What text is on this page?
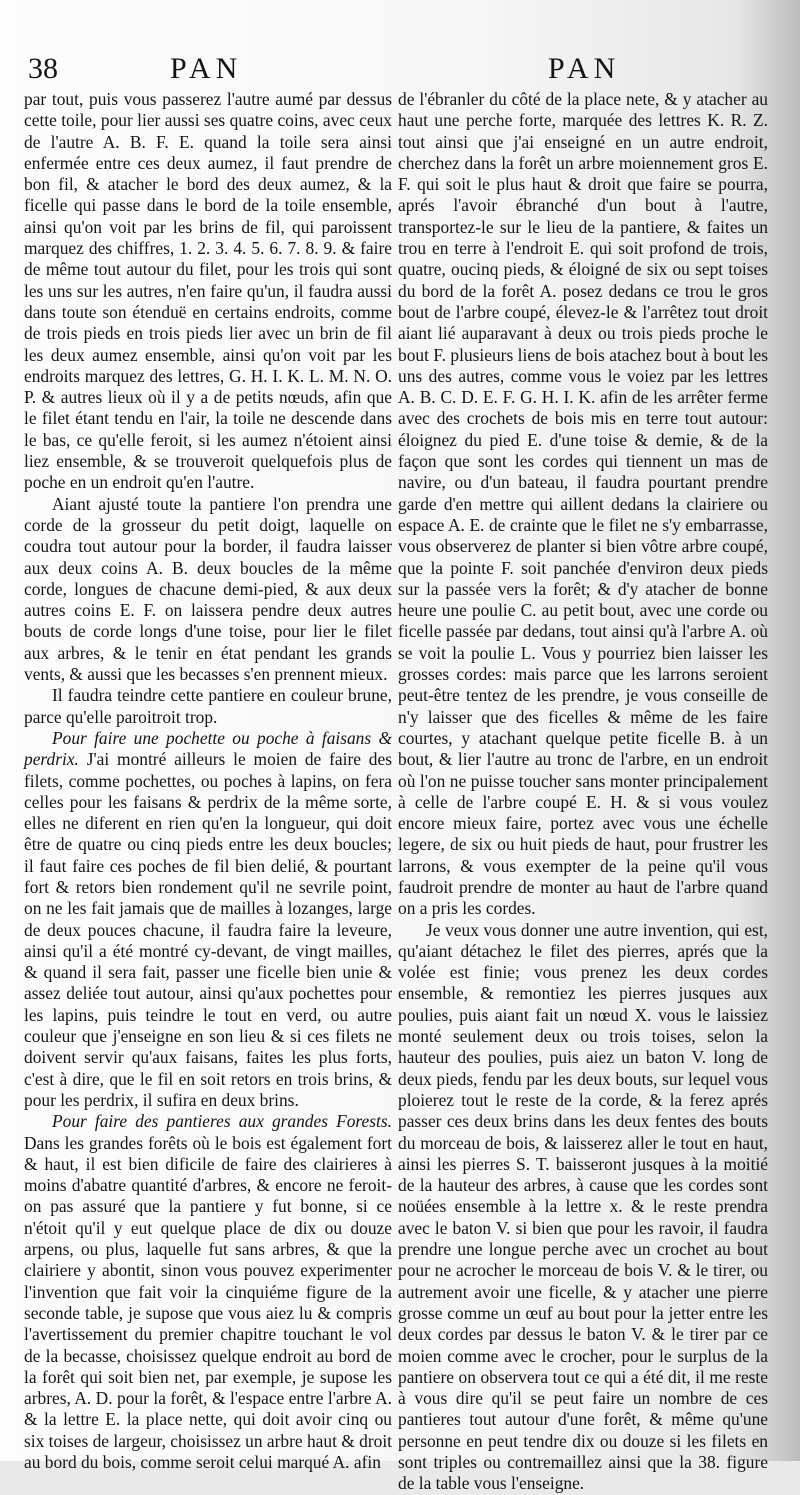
38	PAN	PAN

par tout, puis vous passerez l'autre aumé par dessus cette toile, pour lier aussi ses quatre coins, avec ceux de l'autre A. B. F. E. quand la toile sera ainsi enfermée entre ces deux aumez, il faut prendre de bon fil, & atacher le bord des deux aumez, & la ficelle qui passe dans le bord de la toile ensemble, ainsi qu'on voit par les brins de fil, qui paroissent marquez des chiffres, 1. 2. 3. 4. 5. 6. 7. 8. 9. & faire de même tout autour du filet, pour les trois qui sont les uns sur les autres, n'en faire qu'un, il faudra aussi dans toute son étenduë en certains endroits, comme de trois pieds en trois pieds lier avec un brin de fil les deux aumez ensemble, ainsi qu'on voit par les endroits marquez des lettres, G. H. I. K. L. M. N. O. P. & autres lieux où il y a de petits nœuds, afin que le filet étant tendu en l'air, la toile ne descende dans le bas, ce qu'elle feroit, si les aumez n'étoient ainsi liez ensemble, & se trouveroit quelquefois plus de poche en un endroit qu'en l'autre.

Aiant ajusté toute la pantiere l'on prendra une corde de la grosseur du petit doigt, laquelle on coudra tout autour pour la border, il faudra laisser aux deux coins A. B. deux boucles de la même corde, longues de chacune demi-pied, & aux deux autres coins E. F. on laissera pendre deux autres bouts de corde longs d'une toise, pour lier le filet aux arbres, & le tenir en état pendant les grands vents, & aussi que les becasses s'en prennent mieux.

Il faudra teindre cette pantiere en couleur brune, parce qu'elle paroitroit trop.

Pour faire une pochette ou poche à faisans & perdrix. J'ai montré ailleurs le moien de faire des filets, comme pochettes, ou poches à lapins, on fera celles pour les faisans & perdrix de la même sorte, elles ne diferent en rien qu'en la longueur, qui doit être de quatre ou cinq pieds entre les deux boucles; il faut faire ces poches de fil bien delié, & pourtant fort & retors bien rondement qu'il ne sevrile point, on ne les fait jamais que de mailles à lozanges, large de deux pouces chacune, il faudra faire la leveure, ainsi qu'il a été montré cy-devant, de vingt mailles, & quand il sera fait, passer une ficelle bien unie & assez deliée tout autour, ainsi qu'aux pochettes pour les lapins, puis teindre le tout en verd, ou autre couleur que j'enseigne en son lieu & si ces filets ne doivent servir qu'aux faisans, faites les plus forts, c'est à dire, que le fil en soit retors en trois brins, & pour les perdrix, il sufira en deux brins.

Pour faire des pantieres aux grandes Forests. Dans les grandes forêts où le bois est également fort & haut, il est bien dificile de faire des clairieres à moins d'abatre quantité d'arbres, & encore ne feroit-on pas assuré que la pantiere y fut bonne, si ce n'étoit qu'il y eut quelque place de dix ou douze arpens, ou plus, laquelle fut sans arbres, & que la clairiere y abontit, sinon vous pouvez experimenter l'invention que fait voir la cinquiéme figure de la seconde table, je supose que vous aiez lu & compris l'avertissement du premier chapitre touchant le vol de la becasse, choisissez quelque endroit au bord de la forêt qui soit bien net, par exemple, je supose les arbres, A. D. pour la forêt, & l'espace entre l'arbre A. & la lettre E. la place nette, qui doit avoir cinq ou six toises de largeur, choisissez un arbre haut & droit au bord du bois, comme seroit celui marqué A. afin

de l'ébranler du côté de la place nete, & y atacher au haut une perche forte, marquée des lettres K. R. Z. tout ainsi que j'ai enseigné en un autre endroit, cherchez dans la forêt un arbre moiennement gros E. F. qui soit le plus haut & droit que faire se pourra, aprés l'avoir ébranché d'un bout à l'autre, transportez-le sur le lieu de la pantiere, & faites un trou en terre à l'endroit E. qui soit profond de trois, quatre, oucinq pieds, & éloigné de six ou sept toises du bord de la forêt A. posez dedans ce trou le gros bout de l'arbre coupé, élevez-le & l'arrêtez tout droit aiant lié auparavant à deux ou trois pieds proche le bout F. plusieurs liens de bois atachez bout à bout les uns des autres, comme vous le voiez par les lettres A. B. C. D. E. F. G. H. I. K. afin de les arrêter ferme avec des crochets de bois mis en terre tout autour: éloignez du pied E. d'une toise & demie, & de la façon que sont les cordes qui tiennent un mas de navire, ou d'un bateau, il faudra pourtant prendre garde d'en mettre qui aillent dedans la clairiere ou espace A. E. de crainte que le filet ne s'y embarrasse, vous observerez de planter si bien vôtre arbre coupé, que la pointe F. soit panchée d'environ deux pieds sur la passée vers la forêt; & d'y atacher de bonne heure une poulie C. au petit bout, avec une corde ou ficelle passée par dedans, tout ainsi qu'à l'arbre A. où se voit la poulie L. Vous y pourriez bien laisser les grosses cordes: mais parce que les larrons seroient peut-être tentez de les prendre, je vous conseille de n'y laisser que des ficelles & même de les faire courtes, y atachant quelque petite ficelle B. à un bout, & lier l'autre au tronc de l'arbre, en un endroit où l'on ne puisse toucher sans monter principalement à celle de l'arbre coupé E. H. & si vous voulez encore mieux faire, portez avec vous une échelle legere, de six ou huit pieds de haut, pour frustrer les larrons, & vous exempter de la peine qu'il vous faudroit prendre de monter au haut de l'arbre quand on a pris les cordes.

Je veux vous donner une autre invention, qui est, qu'aiant détachez le filet des pierres, aprés que la volée est finie; vous prenez les deux cordes ensemble, & remontiez les pierres jusques aux poulies, puis aiant fait un nœud X. vous le laissiez monté seulement deux ou trois toises, selon la hauteur des poulies, puis aiez un baton V. long de deux pieds, fendu par les deux bouts, sur lequel vous ploierez tout le reste de la corde, & la ferez aprés passer ces deux brins dans les deux fentes des bouts du morceau de bois, & laisserez aller le tout en haut, ainsi les pierres S. T. baisseront jusques à la moitié de la hauteur des arbres, à cause que les cordes sont noüées ensemble à la lettre x. & le reste prendra avec le baton V. si bien que pour les ravoir, il faudra prendre une longue perche avec un crochet au bout pour ne acrocher le morceau de bois V. & le tirer, ou autrement avoir une ficelle, & y atacher une pierre grosse comme un œuf au bout pour la jetter entre les deux cordes par dessus le baton V. & le tirer par ce moien comme avec le crocher, pour le surplus de la pantiere on observera tout ce qui a été dit, il me reste à vous dire qu'il se peut faire un nombre de ces pantieres tout autour d'une forêt, & même qu'une personne en peut tendre dix ou douze si les filets en sont triples ou contremaillez ainsi que la 38. figure de la table vous l'enseigne.
